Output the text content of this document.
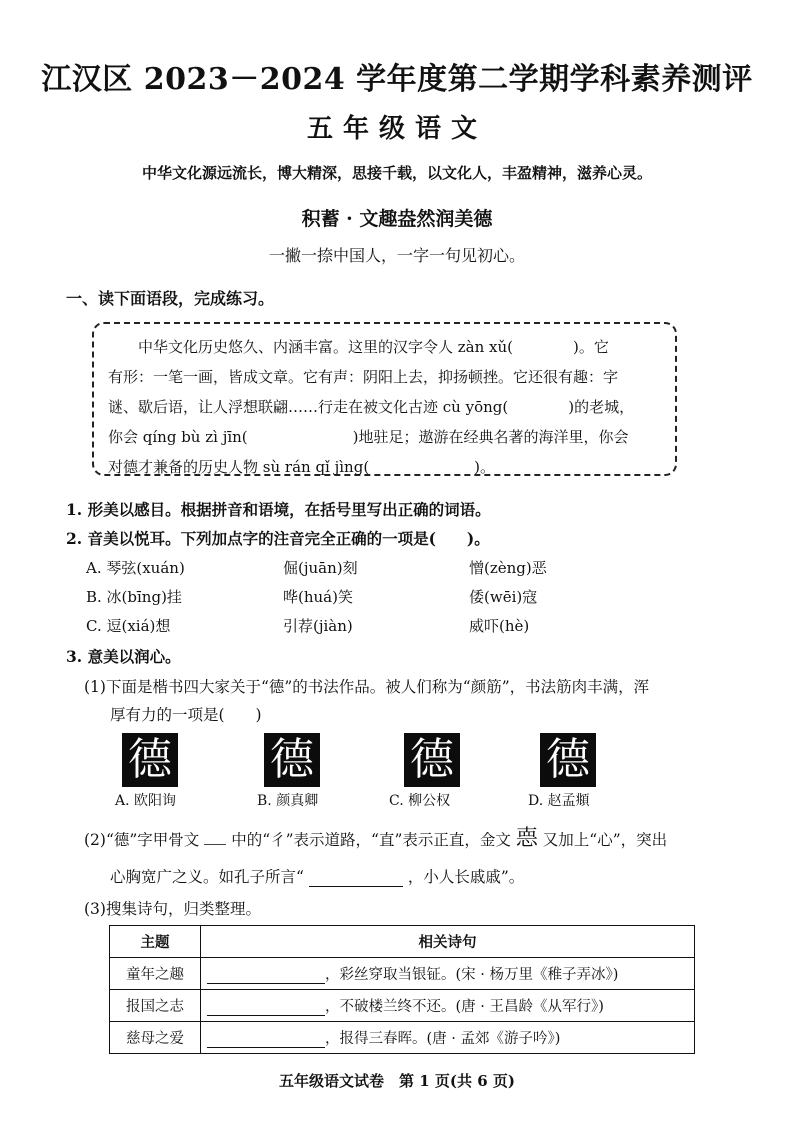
江汉区 2023－2024 学年度第二学期学科素养测评
五年级语文
中华文化源远流长，博大精深，思接千载，以文化人，丰盈精神，滋养心灵。
积蓄 · 文趣盎然润美德
一撇一捺中国人，一字一句见初心。
一、读下面语段，完成练习。
中华文化历史悠久、内涵丰富。这里的汉字令人 zàn xǔ(　　　　)。它
有形：一笔一画，皆成文章。它有声：阴阳上去，抑扬顿挫。它还很有趣：字
谜、歇后语，让人浮想联翩……行走在被文化古迹 cù yōng(　　　　)的老城，
你会 qíng bù zì jīn(　　　　　　　)地驻足；遨游在经典名著的海洋里，你会
对德才兼备的历史人物 sù rán qǐ jìng(　　　　　　　)。
1. 形美以感目。根据拼音和语境，在括号里写出正确的词语。
2. 音美以悦耳。下列加点字的注音完全正确的一项是(　　)。
A. 琴弦(xuán)	倔(juān)刻	憎(zèng)恶
B. 冰(bīng)挂	哗(huá)笑	倭(wēi)寇
C. 逗(xiá)想	引荐(jiàn)	威吓(hè)
3. 意美以润心。
(1)下面是楷书四大家关于“德”的书法作品。被人们称为“颜筋”，书法筋肉丰满，浑
厚有力的一项是(　　)
德 德 德 德
A. 欧阳询	B. 颜真卿	C. 柳公权	D. 赵孟頫
(2)“德”字甲骨文 中的“彳”表示道路，“直”表示正直，金文 𢛳 又加上“心”，突出
心胸宽广之义。如孔子所言“	，小人长戚戚”。
(3)搜集诗句，归类整理。
主题	相关诗句
童年之趣	，彩丝穿取当银钲。(宋 · 杨万里《稚子弄冰》)
报国之志	，不破楼兰终不还。(唐 · 王昌龄《从军行》)
慈母之爱	，报得三春晖。(唐 · 孟郊《游子吟》)
五年级语文试卷　第 1 页(共 6 页)
